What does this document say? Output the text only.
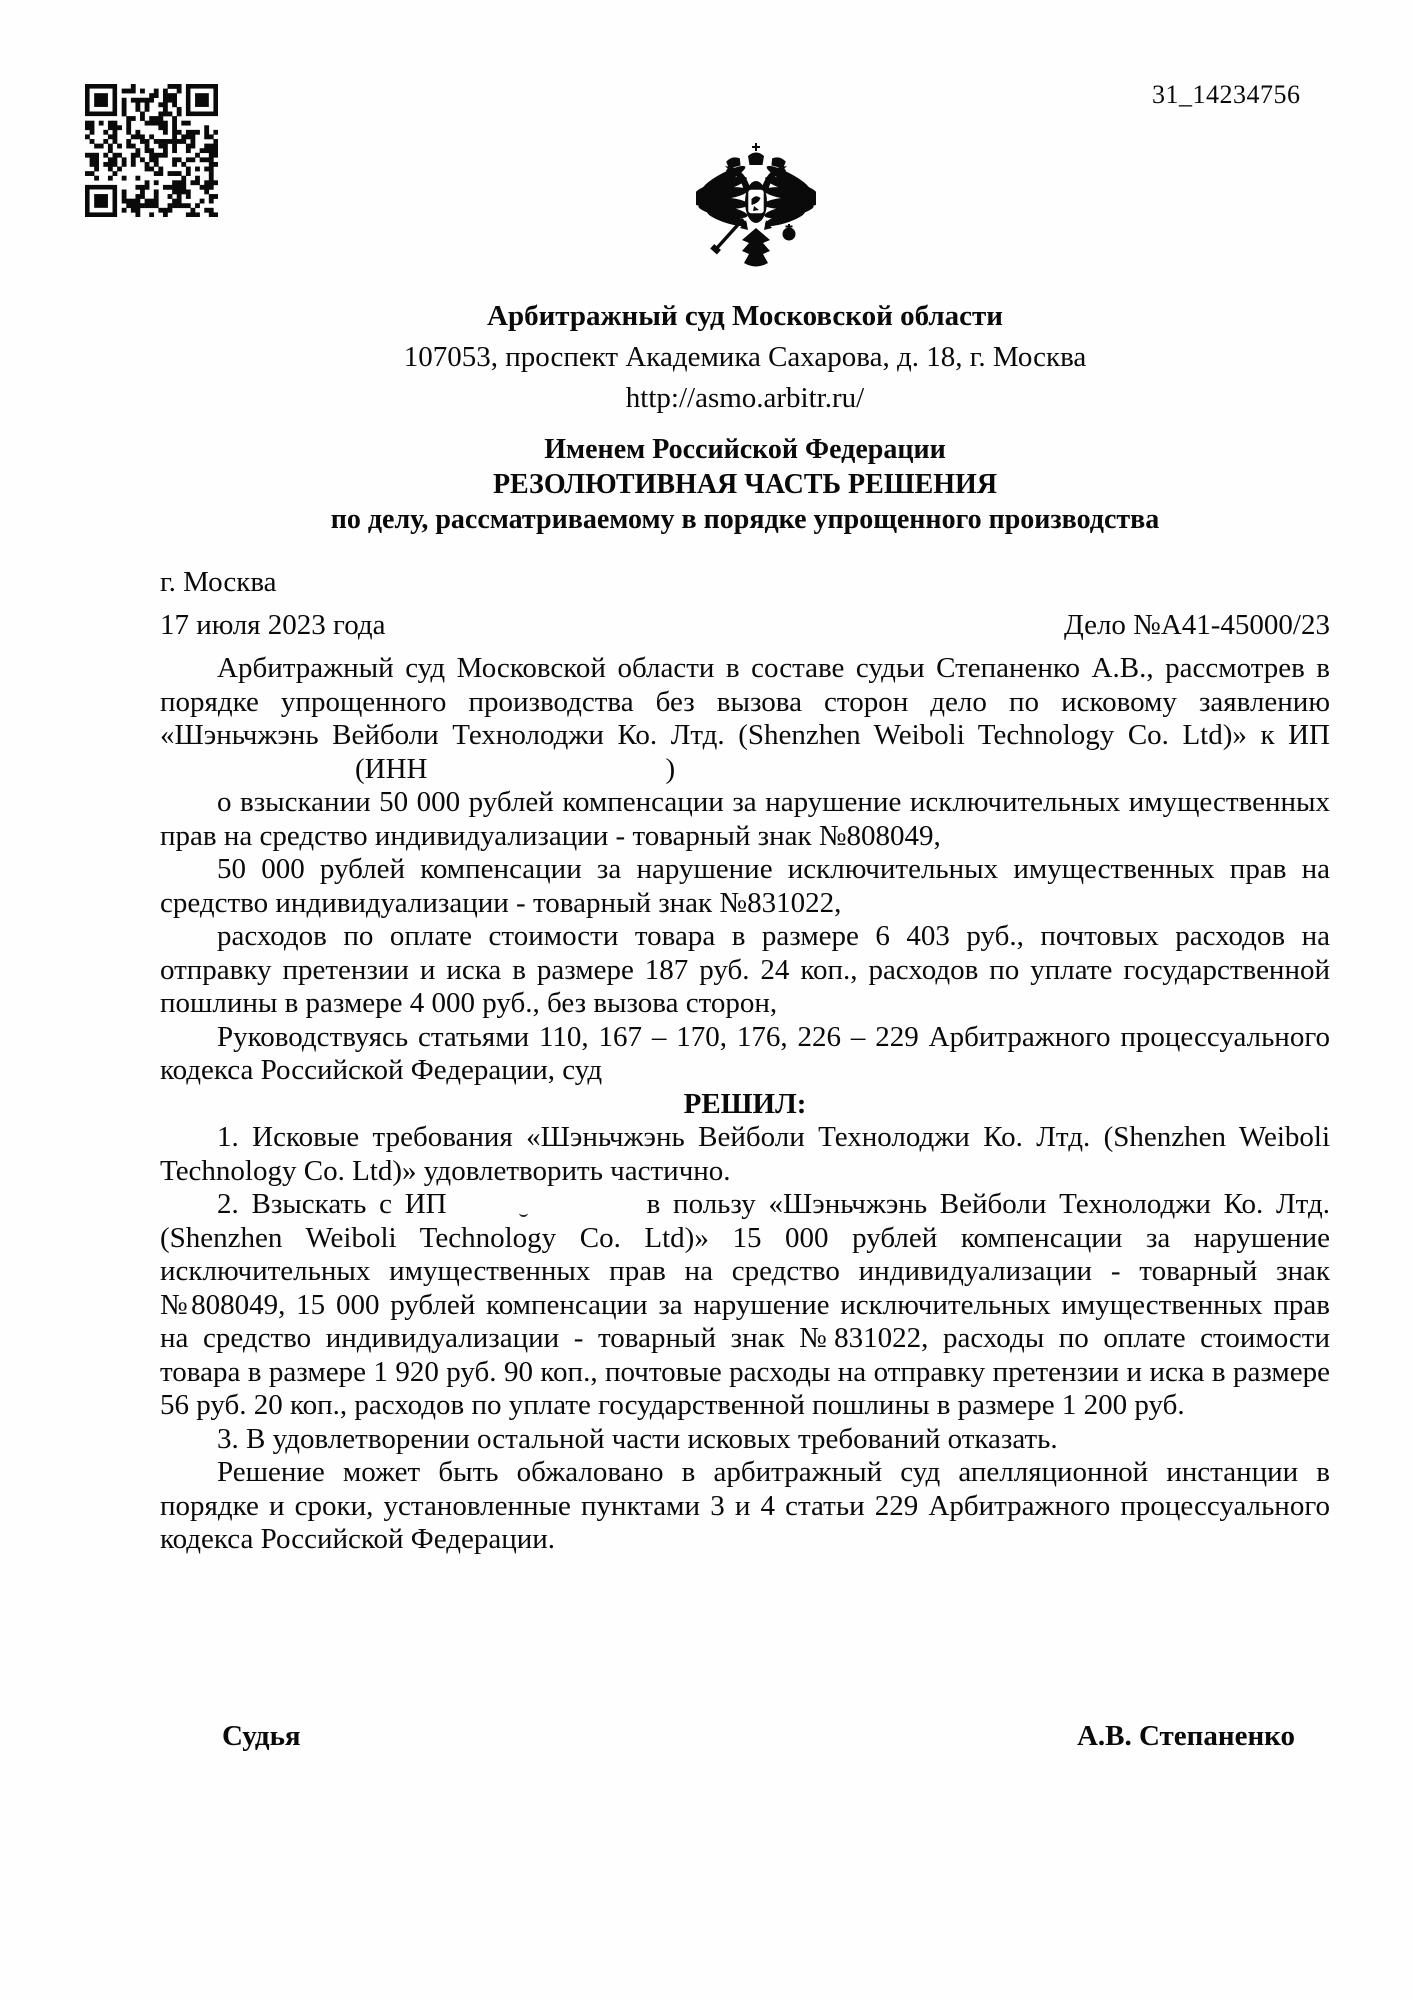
31_14234756
Арбитражный суд Московской области
107053, проспект Академика Сахарова, д. 18, г. Москва
http://asmo.arbitr.ru/
Именем Российской Федерации
РЕЗОЛЮТИВНАЯ ЧАСТЬ РЕШЕНИЯ
по делу, рассматриваемому в порядке упрощенного производства
г. Москва
17 июля 2023 года	Дело №А41-45000/23

Арбитражный суд Московской области в составе судьи Степаненко А.В., рассмотрев в порядке упрощенного производства без вызова сторон дело по исковому заявлению «Шэньчжэнь Вейболи Технолоджи Ко. Лтд. (Shenzhen Weiboli Technology Co. Ltd)» к ИП

(ИНН	)

о взыскании 50 000 рублей компенсации за нарушение исключительных имущественных прав на средство индивидуализации - товарный знак №808049,

50 000 рублей компенсации за нарушение исключительных имущественных прав на средство индивидуализации - товарный знак №831022,

расходов по оплате стоимости товара в размере 6 403 руб., почтовых расходов на отправку претензии и иска в размере 187 руб. 24 коп., расходов по уплате государственной пошлины в размере 4 000 руб., без вызова сторон,

Руководствуясь статьями 110, 167 – 170, 176, 226 – 229 Арбитражного процессуального кодекса Российской Федерации, суд

РЕШИЛ:

1. Исковые требования «Шэньчжэнь Вейболи Технолоджи Ко. Лтд. (Shenzhen Weiboli Technology Co. Ltd)» удовлетворить частично.

2. Взыскать с ИП	в пользу «Шэньчжэнь Вейболи Технолоджи Ко. Лтд. (Shenzhen Weiboli Technology Co. Ltd)» 15 000 рублей компенсации за нарушение исключительных имущественных прав на средство индивидуализации - товарный знак №808049, 15 000 рублей компенсации за нарушение исключительных имущественных прав на средство индивидуализации - товарный знак №831022, расходы по оплате стоимости товара в размере 1 920 руб. 90 коп., почтовые расходы на отправку претензии и иска в размере 56 руб. 20 коп., расходов по уплате государственной пошлины в размере 1 200 руб.

3. В удовлетворении остальной части исковых требований отказать.

Решение может быть обжаловано в арбитражный суд апелляционной инстанции в порядке и сроки, установленные пунктами 3 и 4 статьи 229 Арбитражного процессуального кодекса Российской Федерации.

Судья	А.В. Степаненко
